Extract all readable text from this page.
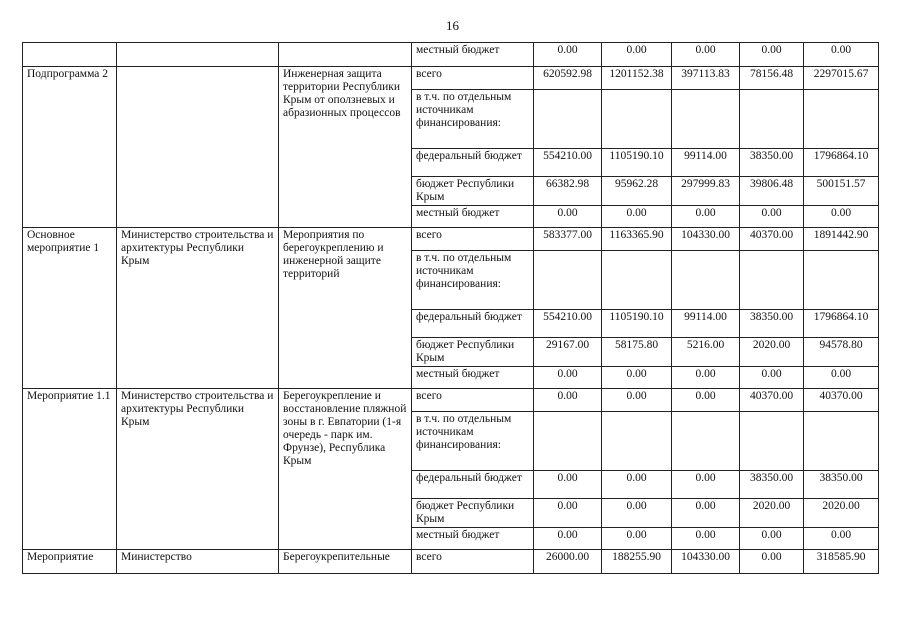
16
			местный бюджет	0.00	0.00	0.00	0.00	0.00
Подпрограмма 2		Инженерная защита территории Республики Крым от оползневых и абразионных процессов	всего	620592.98	1201152.38	397113.83	78156.48	2297015.67
			в т.ч. по отдельным источникам финансирования:					
			федеральный бюджет	554210.00	1105190.10	99114.00	38350.00	1796864.10
			бюджет Республики Крым	66382.98	95962.28	297999.83	39806.48	500151.57
			местный бюджет	0.00	0.00	0.00	0.00	0.00
Основное мероприятие 1	Министерство строительства и архитектуры Республики Крым	Мероприятия по берегоукреплению и инженерной защите территорий	всего	583377.00	1163365.90	104330.00	40370.00	1891442.90
			в т.ч. по отдельным источникам финансирования:					
			федеральный бюджет	554210.00	1105190.10	99114.00	38350.00	1796864.10
			бюджет Республики Крым	29167.00	58175.80	5216.00	2020.00	94578.80
			местный бюджет	0.00	0.00	0.00	0.00	0.00
Мероприятие 1.1	Министерство строительства и архитектуры Республики Крым	Берегоукрепление и восстановление пляжной зоны в г. Евпатории (1-я очередь - парк им. Фрунзе), Республика Крым	всего	0.00	0.00	0.00	40370.00	40370.00
			в т.ч. по отдельным источникам финансирования:					
			федеральный бюджет	0.00	0.00	0.00	38350.00	38350.00
			бюджет Республики Крым	0.00	0.00	0.00	2020.00	2020.00
			местный бюджет	0.00	0.00	0.00	0.00	0.00
Мероприятие	Министерство	Берегоукрепительные	всего	26000.00	188255.90	104330.00	0.00	318585.90
